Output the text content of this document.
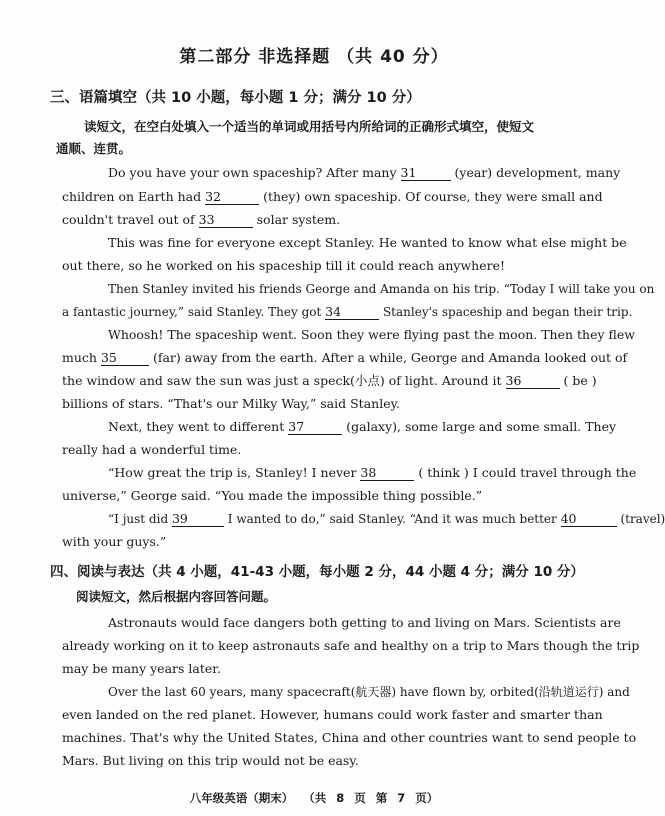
第二部分 非选择题 （共 40 分）
三、语篇填空（共 10 小题，每小题 1 分；满分 10 分）
读短文，在空白处填入一个适当的单词或用括号内所给词的正确形式填空，使短文
通顺、连贯。
Do you have your own spaceship? After many 31	(year) development, many
children on Earth had 32	(they) own spaceship. Of course, they were small and
couldn't travel out of 33	solar system.
This was fine for everyone except Stanley. He wanted to know what else might be
out there, so he worked on his spaceship till it could reach anywhere!
Then Stanley invited his friends George and Amanda on his trip. “Today I will take you on
a fantastic journey,” said Stanley. They got 34	Stanley's spaceship and began their trip.
Whoosh! The spaceship went. Soon they were flying past the moon. Then they flew
much 35	(far) away from the earth. After a while, George and Amanda looked out of
the window and saw the sun was just a speck(小点) of light. Around it 36	( be )
billions of stars. “That's our Milky Way,” said Stanley.
Next, they went to different 37	(galaxy), some large and some small. They
really had a wonderful time.
“How great the trip is, Stanley! I never 38	( think ) I could travel through the
universe,” George said. “You made the impossible thing possible.”
“I just did 39	I wanted to do,” said Stanley. “And it was much better 40	(travel)
with your guys.”
四、阅读与表达（共 4 小题，41-43 小题，每小题 2 分，44 小题 4 分；满分 10 分）
阅读短文，然后根据内容回答问题。
Astronauts would face dangers both getting to and living on Mars. Scientists are
already working on it to keep astronauts safe and healthy on a trip to Mars though the trip
may be many years later.
Over the last 60 years, many spacecraft(航天器) have flown by, orbited(沿轨道运行) and
even landed on the red planet. However, humans could work faster and smarter than
machines. That's why the United States, China and other countries want to send people to
Mars. But living on this trip would not be easy.
八年级英语（期末） （共 8 页 第 7 页）
